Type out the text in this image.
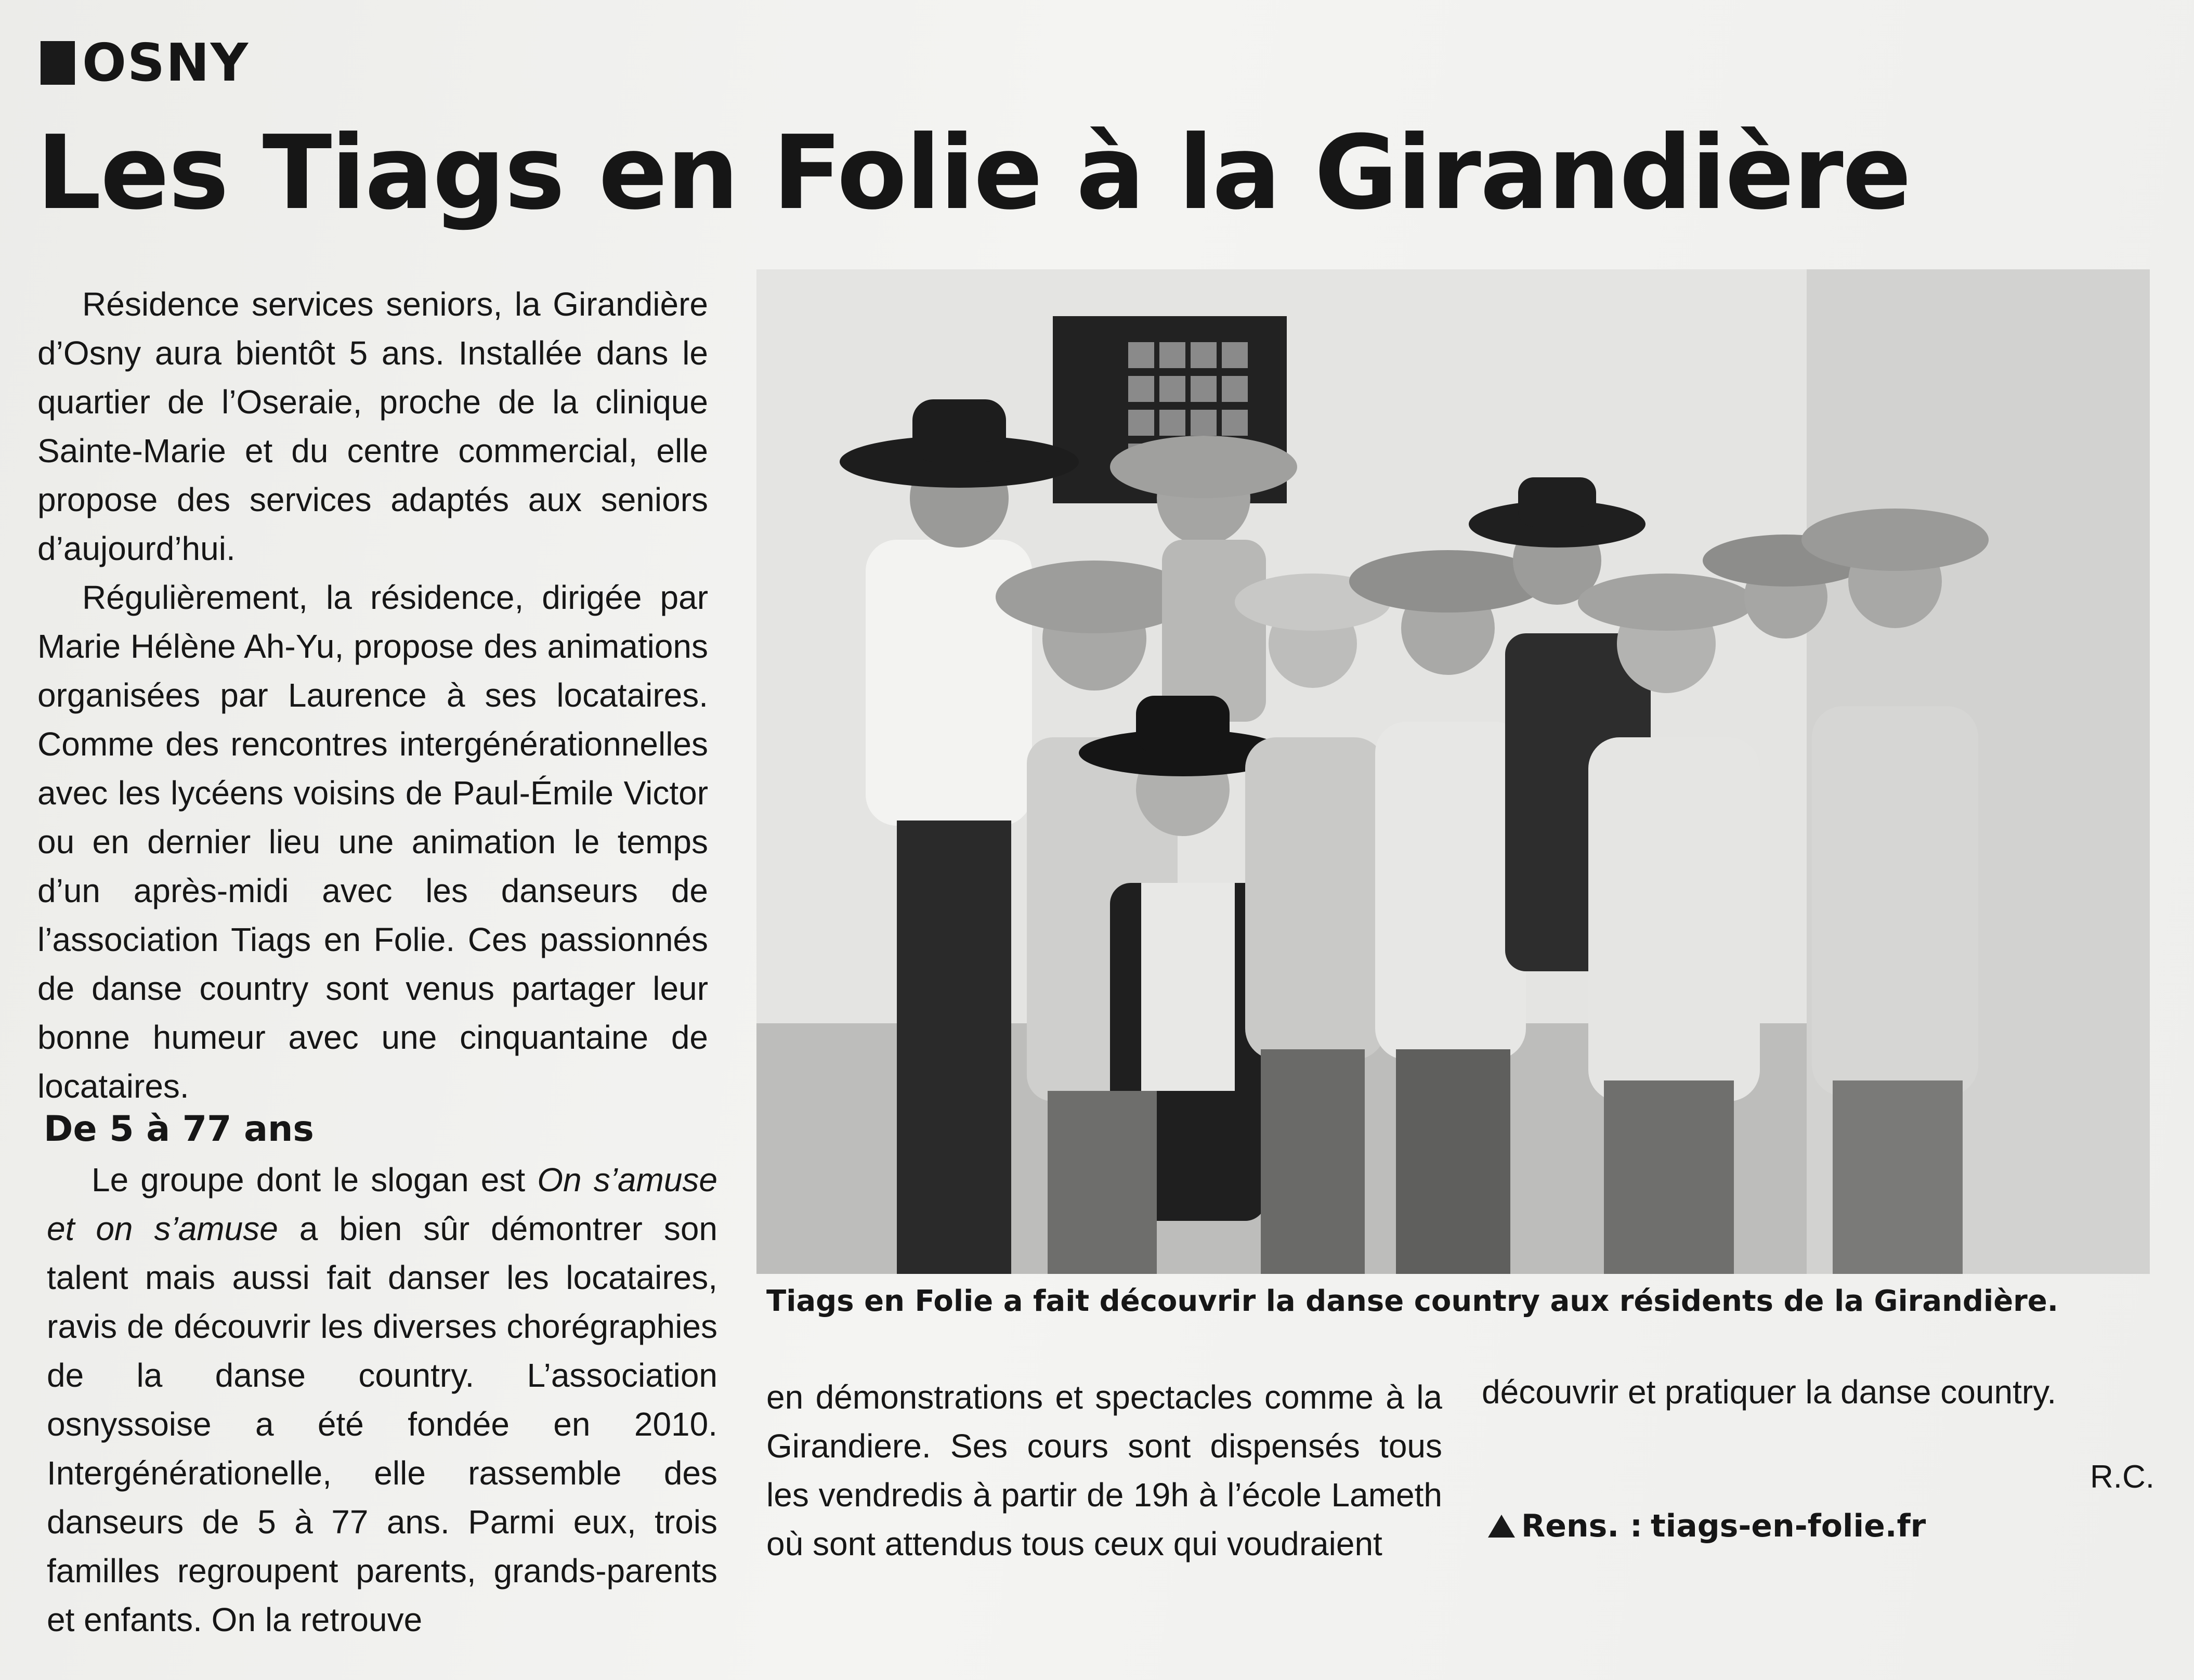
OSNY
Les Tiags en Folie à la Girandière

Résidence services seniors, la Girandière d’Osny aura bientôt 5 ans. Installée dans le quartier de l’Oseraie, proche de la clinique Sainte-Marie et du centre commercial, elle propose des services adaptés aux seniors d’aujourd’hui.

Régulièrement, la résidence, dirigée par Marie Hélène Ah-Yu, propose des animations organisées par Laurence à ses locataires. Comme des rencontres intergénérationnelles avec les lycéens voisins de Paul-Émile Victor ou en dernier lieu une animation le temps d’un après-midi avec les danseurs de l’association Tiags en Folie. Ces passionnés de danse country sont venus partager leur bonne humeur avec une cinquantaine de locataires.

De 5 à 77 ans

Le groupe dont le slogan est On s’amuse et on s’amuse a bien sûr démontrer son talent mais aussi fait danser les locataires, ravis de découvrir les diverses chorégraphies de la danse country. L’association osnyssoise a été fondée en 2010. Intergénérationelle, elle rassemble des danseurs de 5 à 77 ans. Parmi eux, trois familles regroupent parents, grands-parents et enfants. On la retrouve

Tiags en Folie a fait découvrir la danse country aux résidents de la Girandière.

en démonstrations et spectacles comme à la Girandiere. Ses cours sont dispensés tous les vendredis à partir de 19h à l’école Lameth où sont attendus tous ceux qui voudraient

découvrir et pratiquer la danse country.

R.C.
Rens. : tiags-en-folie.fr
